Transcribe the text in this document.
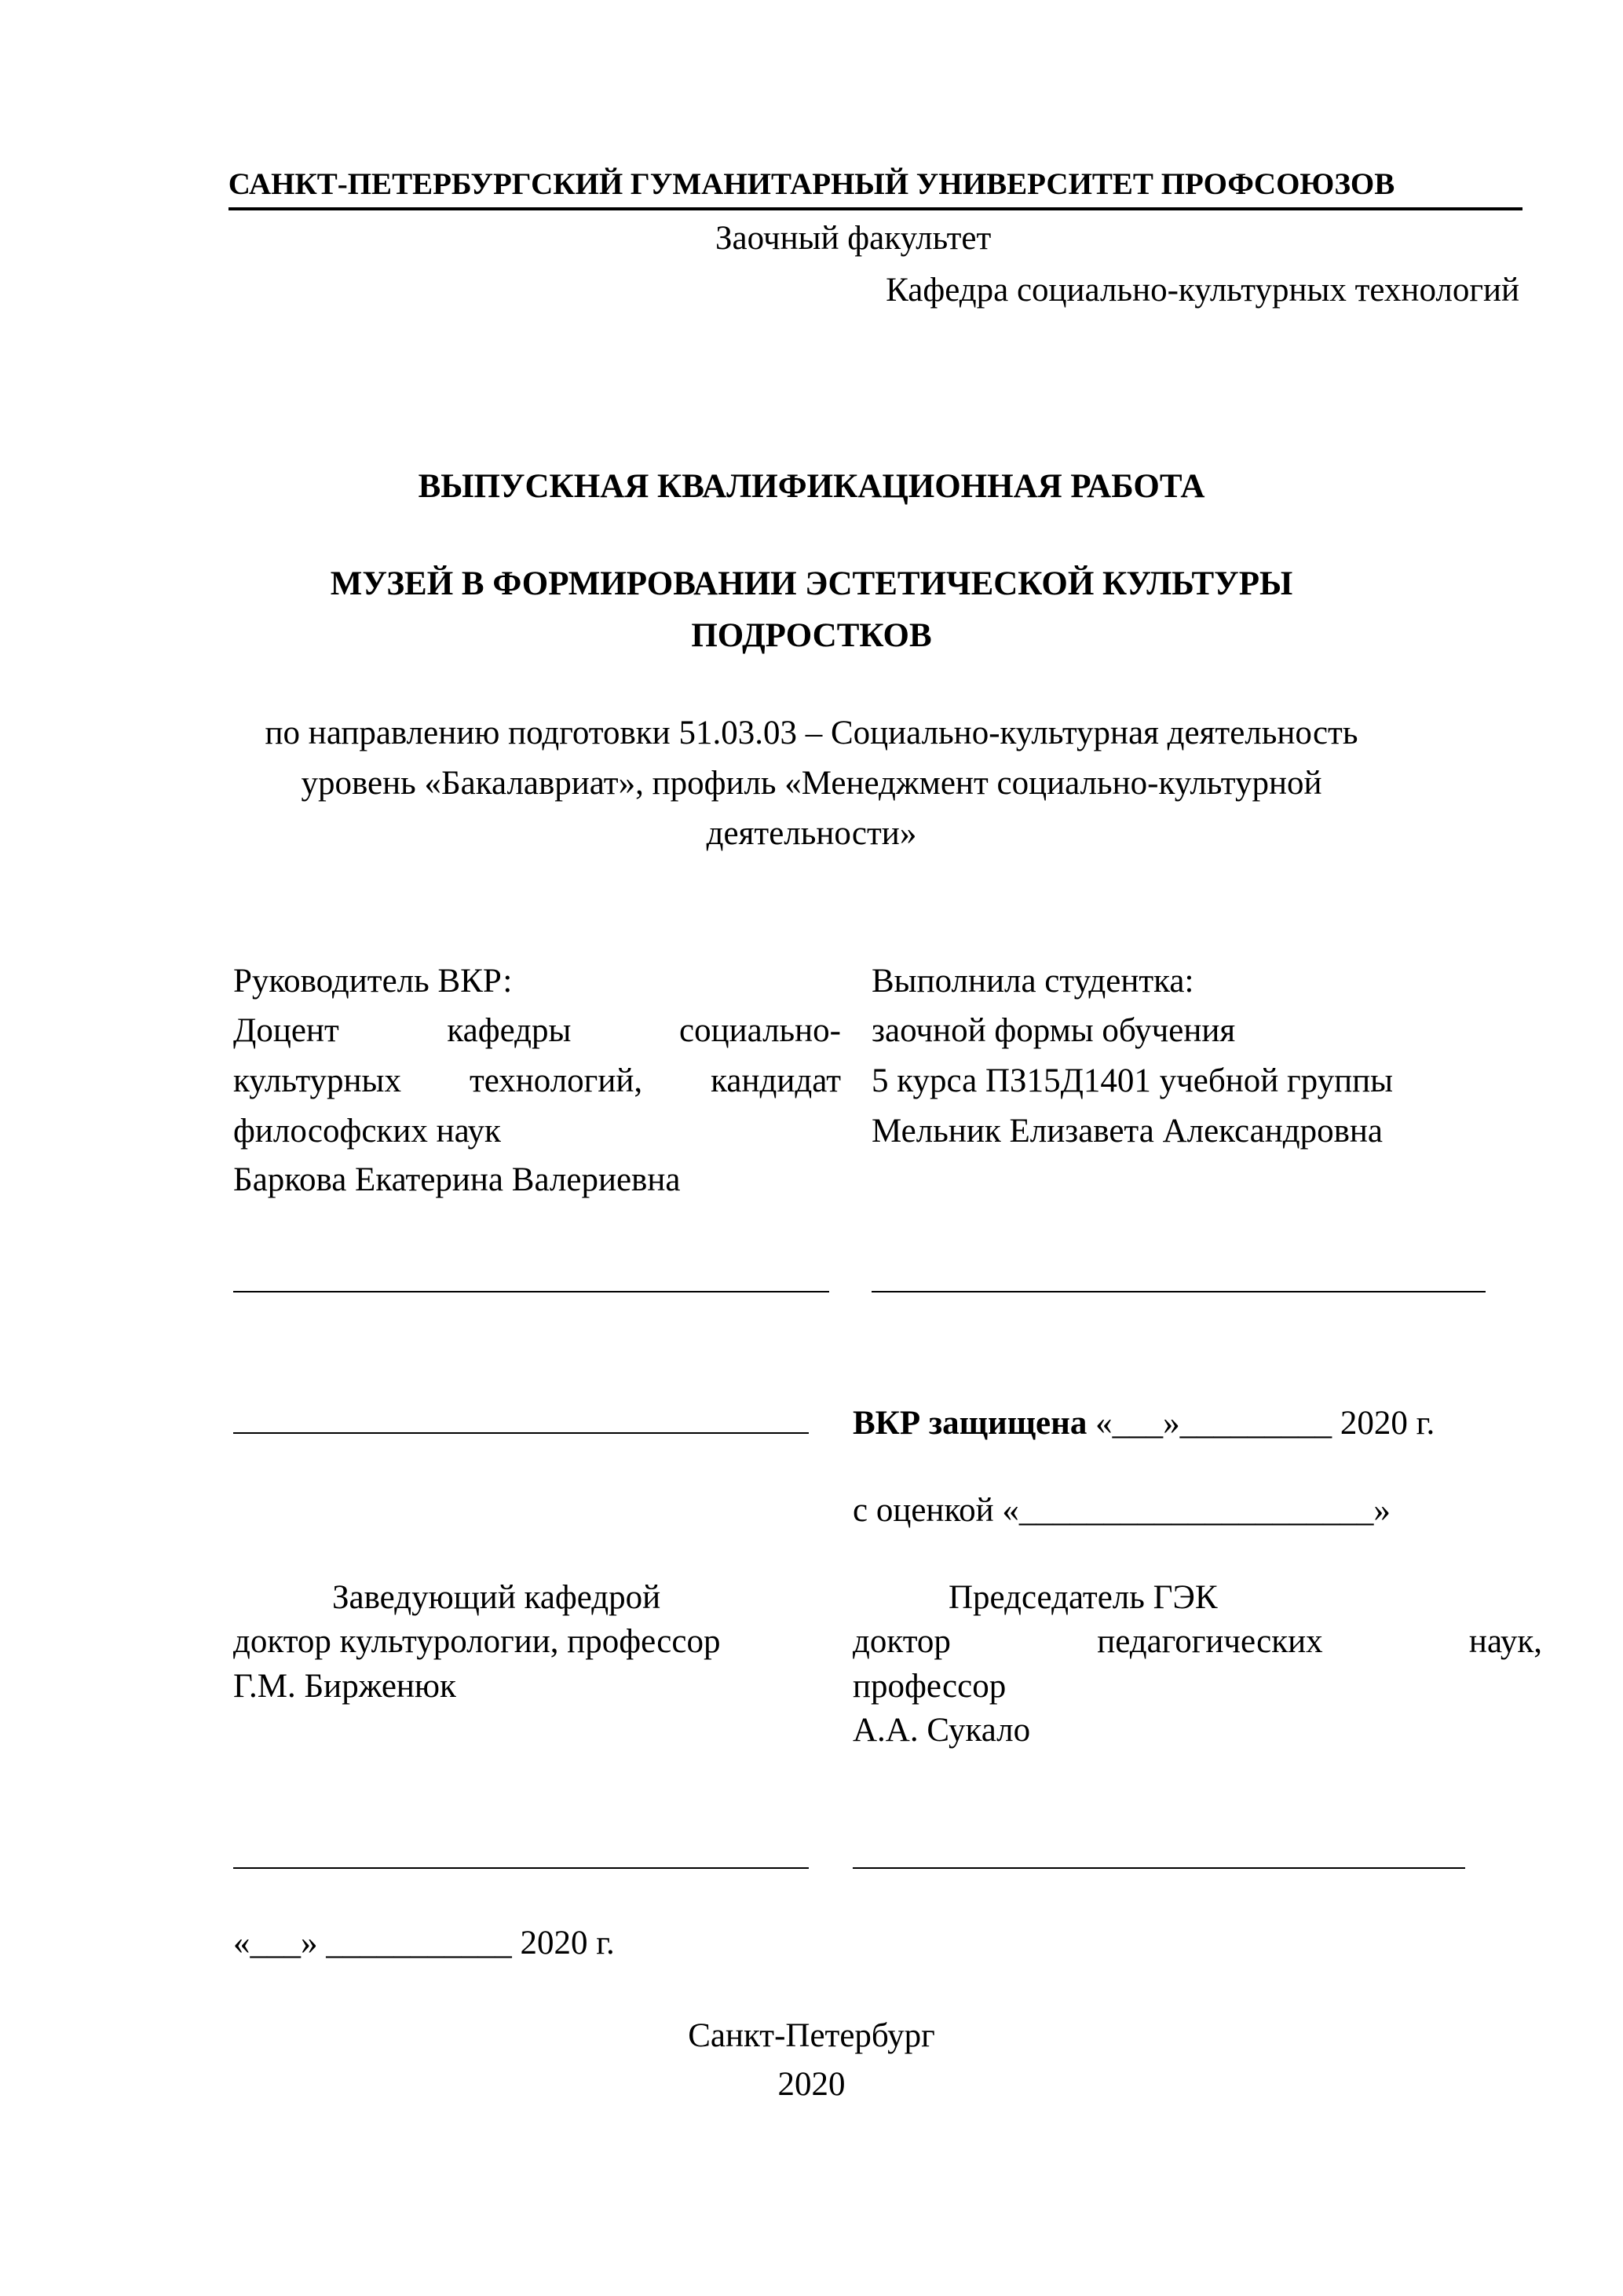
САНКТ-ПЕТЕРБУРГСКИЙ ГУМАНИТАРНЫЙ УНИВЕРСИТЕТ ПРОФСОЮЗОВ
Заочный факультет
Кафедра социально-культурных технологий
ВЫПУСКНАЯ КВАЛИФИКАЦИОННАЯ РАБОТА
МУЗЕЙ В ФОРМИРОВАНИИ ЭСТЕТИЧЕСКОЙ КУЛЬТУРЫ
ПОДРОСТКОВ
по направлению подготовки 51.03.03 – Социально-культурная деятельность
уровень «Бакалавриат», профиль «Менеджмент социально-культурной
деятельности»
Руководитель ВКР:
Доцент кафедры социально-
культурных технологий, кандидат
философских наук
Баркова Екатерина Валериевна
Выполнила студентка:
заочной формы обучения
5 курса ПЗ15Д1401 учебной группы
Мельник Елизавета Александровна
ВКР защищена «___»_________ 2020 г.
с оценкой «_____________________»
Заведующий кафедрой
доктор культурологии, профессор
Г.М. Бирженюк
Председатель ГЭК
доктор педагогических наук,
профессор
А.А. Сукало
«___» ___________ 2020 г.
Санкт-Петербург
2020
